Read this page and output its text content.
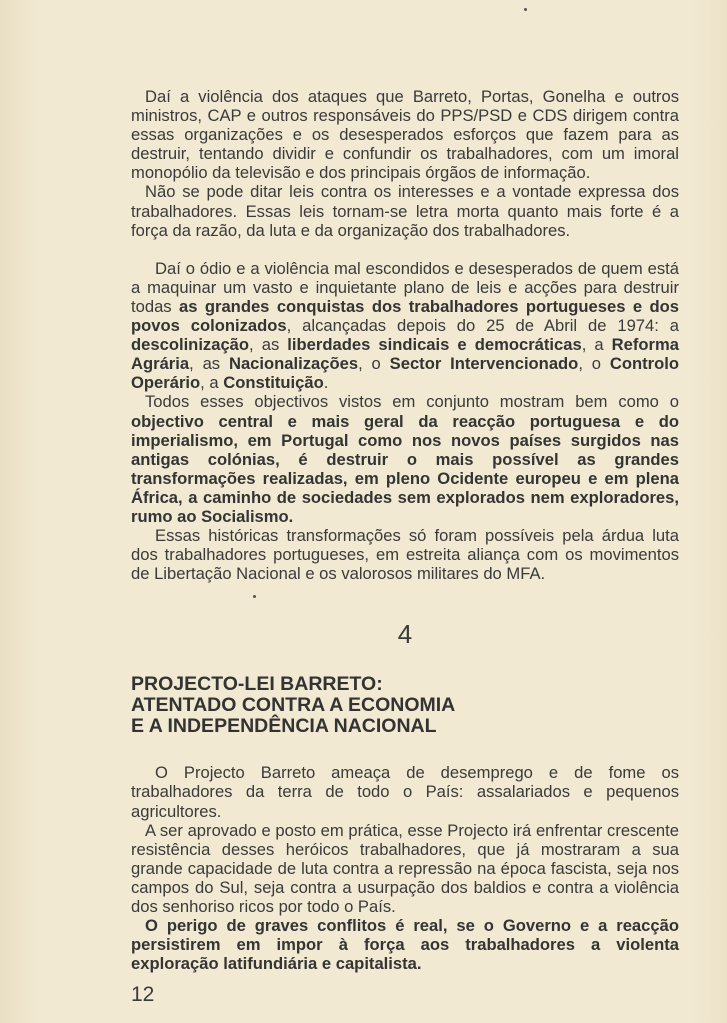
Daí a violência dos ataques que Barreto, Portas, Gonelha e outros ministros, CAP e outros responsáveis do PPS/PSD e CDS dirigem contra essas organizações e os desesperados esforços que fazem para as destruir, tentando dividir e confundir os trabalhadores, com um imoral monopólio da televisão e dos principais órgãos de informação.

Não se pode ditar leis contra os interesses e a vontade expressa dos trabalhadores. Essas leis tornam-se letra morta quanto mais forte é a força da razão, da luta e da organização dos trabalhadores.

Daí o ódio e a violência mal escondidos e desesperados de quem está a maquinar um vasto e inquietante plano de leis e acções para destruir todas as grandes conquistas dos trabalhadores portugueses e dos povos colonizados, alcançadas depois do 25 de Abril de 1974: a descolinização, as liberdades sindicais e democráticas, a Reforma Agrária, as Nacionalizações, o Sector Intervencionado, o Controlo Operário, a Constituição.

Todos esses objectivos vistos em conjunto mostram bem como o objectivo central e mais geral da reacção portuguesa e do imperialismo, em Portugal como nos novos países surgidos nas antigas colónias, é destruir o mais possível as grandes transformações realizadas, em pleno Ocidente europeu e em plena África, a caminho de sociedades sem explorados nem exploradores, rumo ao Socialismo.

Essas históricas transformações só foram possíveis pela árdua luta dos trabalhadores portugueses, em estreita aliança com os movimentos de Libertação Nacional e os valorosos militares do MFA.

4
PROJECTO-LEI BARRETO:
ATENTADO CONTRA A ECONOMIA
E A INDEPENDÊNCIA NACIONAL

O Projecto Barreto ameaça de desemprego e de fome os trabalhadores da terra de todo o País: assalariados e pequenos agricultores.

A ser aprovado e posto em prática, esse Projecto irá enfrentar crescente resistência desses heróicos trabalhadores, que já mostraram a sua grande capacidade de luta contra a repressão na época fascista, seja nos campos do Sul, seja contra a usurpação dos baldios e contra a violência dos senhoriso ricos por todo o País.

O perigo de graves conflitos é real, se o Governo e a reacção persistirem em impor à força aos trabalhadores a violenta exploração latifundiária e capitalista.

12
